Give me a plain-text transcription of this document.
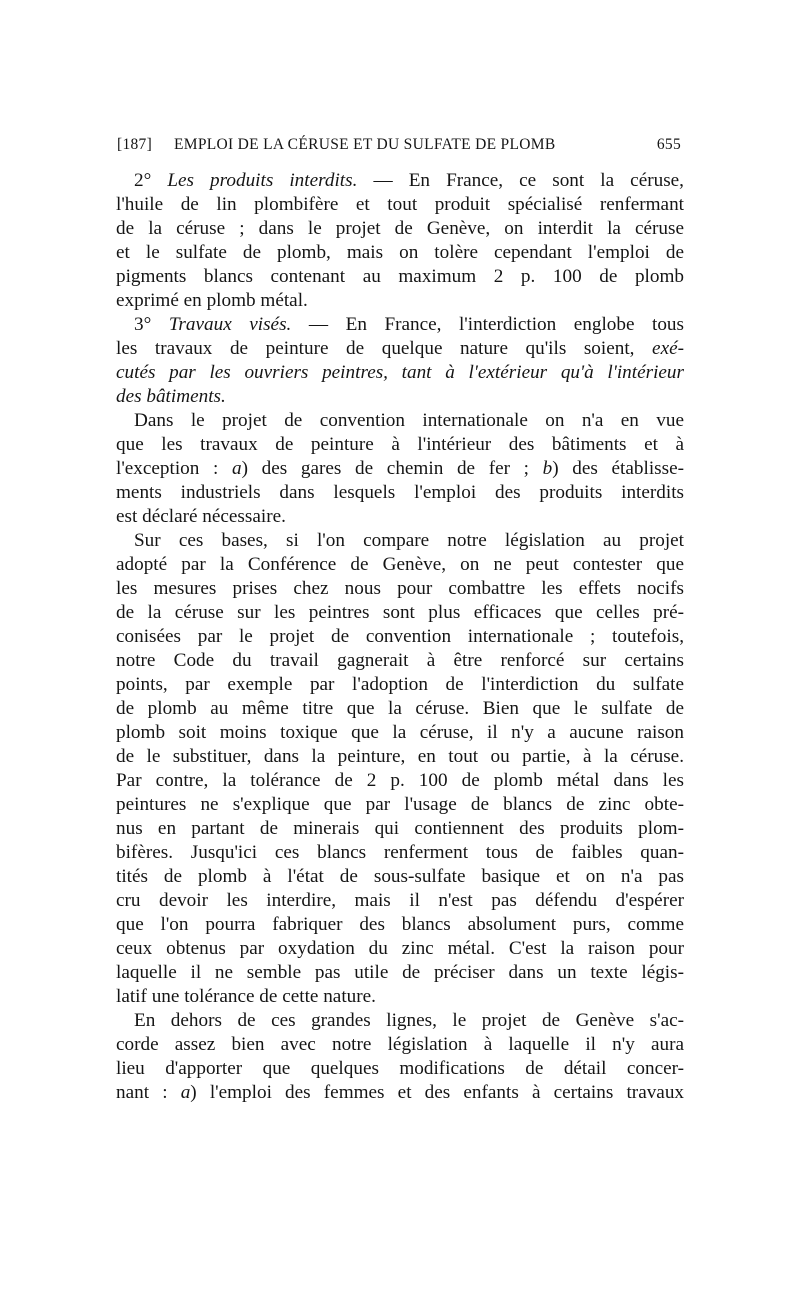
[187] EMPLOI DE LA CÉRUSE ET DU SULFATE DE PLOMB	655
2° Les produits interdits. — En France, ce sont la céruse,
l'huile de lin plombifère et tout produit spécialisé renfermant
de la céruse ; dans le projet de Genève, on interdit la céruse
et le sulfate de plomb, mais on tolère cependant l'emploi de
pigments blancs contenant au maximum 2 p. 100 de plomb
exprimé en plomb métal.
3° Travaux visés. — En France, l'interdiction englobe tous
les travaux de peinture de quelque nature qu'ils soient, exé-
cutés par les ouvriers peintres, tant à l'extérieur qu'à l'intérieur
des bâtiments.
Dans le projet de convention internationale on n'a en vue
que les travaux de peinture à l'intérieur des bâtiments et à
l'exception : a) des gares de chemin de fer ; b) des établisse-
ments industriels dans lesquels l'emploi des produits interdits
est déclaré nécessaire.
Sur ces bases, si l'on compare notre législation au projet
adopté par la Conférence de Genève, on ne peut contester que
les mesures prises chez nous pour combattre les effets nocifs
de la céruse sur les peintres sont plus efficaces que celles pré-
conisées par le projet de convention internationale ; toutefois,
notre Code du travail gagnerait à être renforcé sur certains
points, par exemple par l'adoption de l'interdiction du sulfate
de plomb au même titre que la céruse. Bien que le sulfate de
plomb soit moins toxique que la céruse, il n'y a aucune raison
de le substituer, dans la peinture, en tout ou partie, à la céruse.
Par contre, la tolérance de 2 p. 100 de plomb métal dans les
peintures ne s'explique que par l'usage de blancs de zinc obte-
nus en partant de minerais qui contiennent des produits plom-
bifères. Jusqu'ici ces blancs renferment tous de faibles quan-
tités de plomb à l'état de sous-sulfate basique et on n'a pas
cru devoir les interdire, mais il n'est pas défendu d'espérer
que l'on pourra fabriquer des blancs absolument purs, comme
ceux obtenus par oxydation du zinc métal. C'est la raison pour
laquelle il ne semble pas utile de préciser dans un texte légis-
latif une tolérance de cette nature.
En dehors de ces grandes lignes, le projet de Genève s'ac-
corde assez bien avec notre législation à laquelle il n'y aura
lieu d'apporter que quelques modifications de détail concer-
nant : a) l'emploi des femmes et des enfants à certains travaux
